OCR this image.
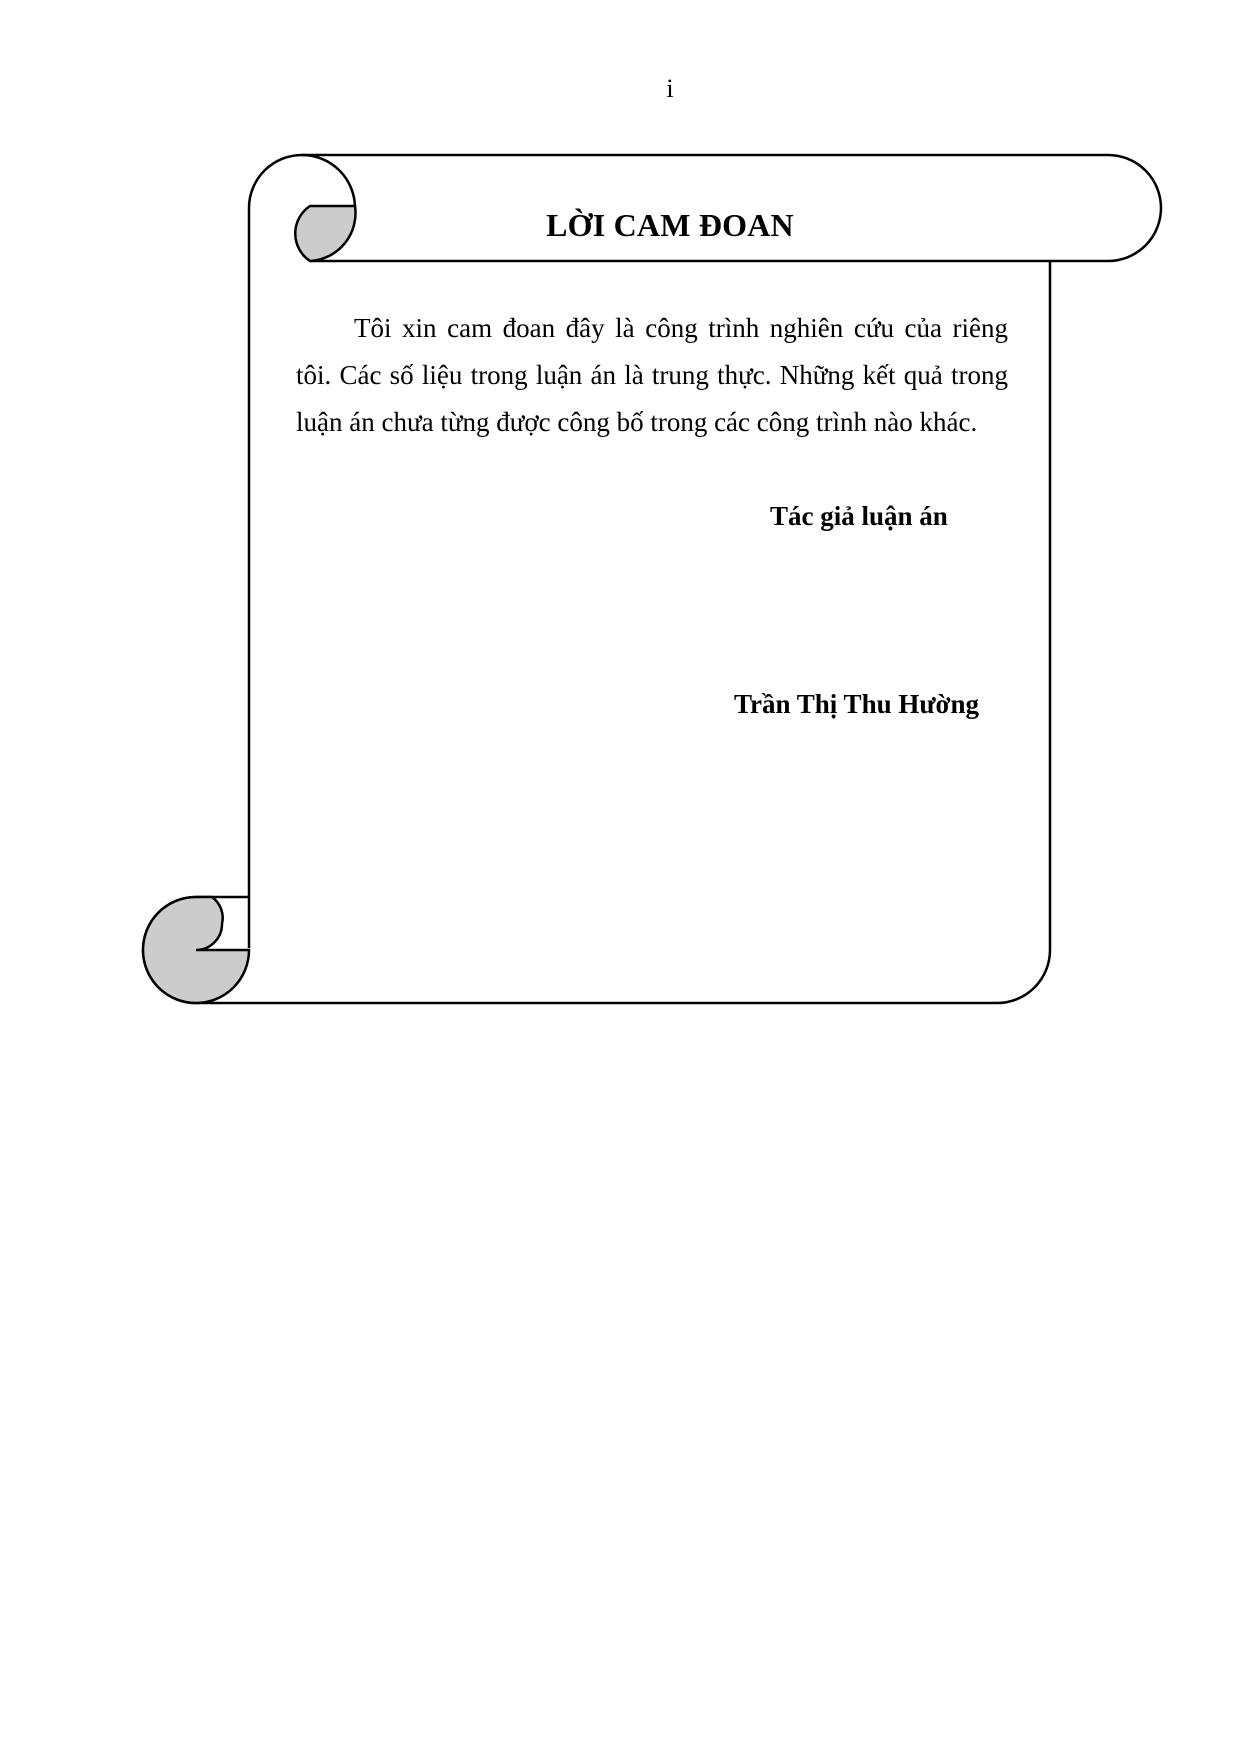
i
LỜI CAM ĐOAN

Tôi xin cam đoan đây là công trình nghiên cứu của riêng tôi. Các số liệu trong luận án là trung thực. Những kết quả trong luận án chưa từng được công bố trong các công trình nào khác.

Tác giả luận án
Trần Thị Thu Hường
